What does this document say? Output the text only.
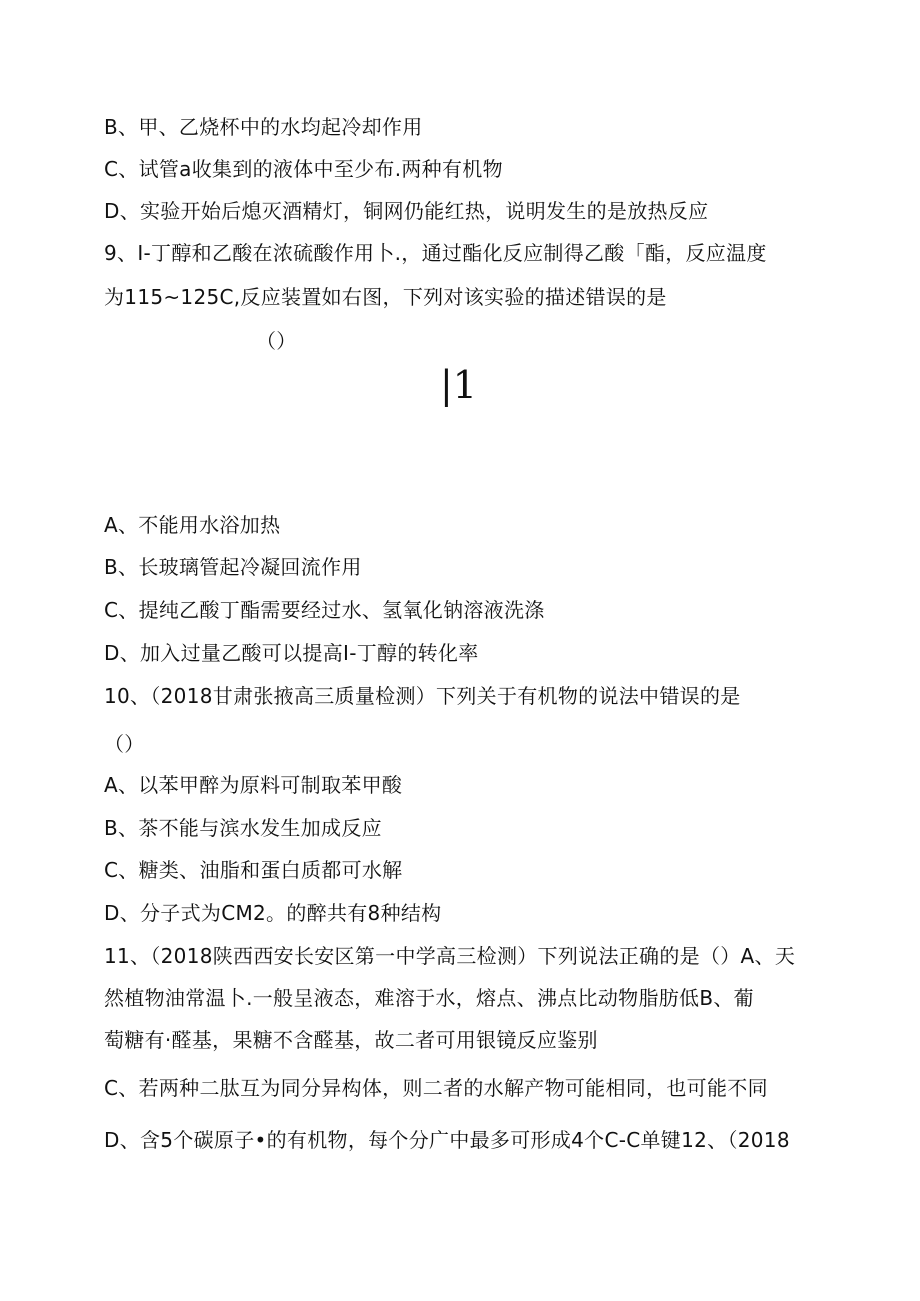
B、甲、乙烧杯中的水均起冷却作用
C、试管a收集到的液体中至少布.两种有机物
D、实验开始后熄灭酒精灯，铜网仍能红热，说明发生的是放热反应
9、I-丁醇和乙酸在浓硫酸作用卜.，通过酯化反应制得乙酸「酯，反应温度
为115~125C,反应装置如右图，下列对该实验的描述错误的是
（）
|1
A、不能用水浴加热
B、长玻璃管起冷凝回流作用
C、提纯乙酸丁酯需要经过水、氢氧化钠溶液洗涤
D、加入过量乙酸可以提高I-丁醇的转化率
10、（2018甘肃张掖高三质量检测）下列关于有机物的说法中错误的是
（）
A、以苯甲醉为原料可制取苯甲酸
B、茶不能与滨水发生加成反应
C、糖类、油脂和蛋白质都可水解
D、分子式为CM2。的醉共有8种结构
11、（2018陕西西安长安区第一中学高三检测）下列说法正确的是（）A、天
然植物油常温卜.一般呈液态，难溶于水，熔点、沸点比动物脂肪低B、葡
萄糖有·醛基，果糖不含醛基，故二者可用银镜反应鉴别
C、若两种二肽互为同分异构体，则二者的水解产物可能相同，也可能不同
D、含5个碳原子•的有机物，每个分广中最多可形成4个C-C单键12、（2018
